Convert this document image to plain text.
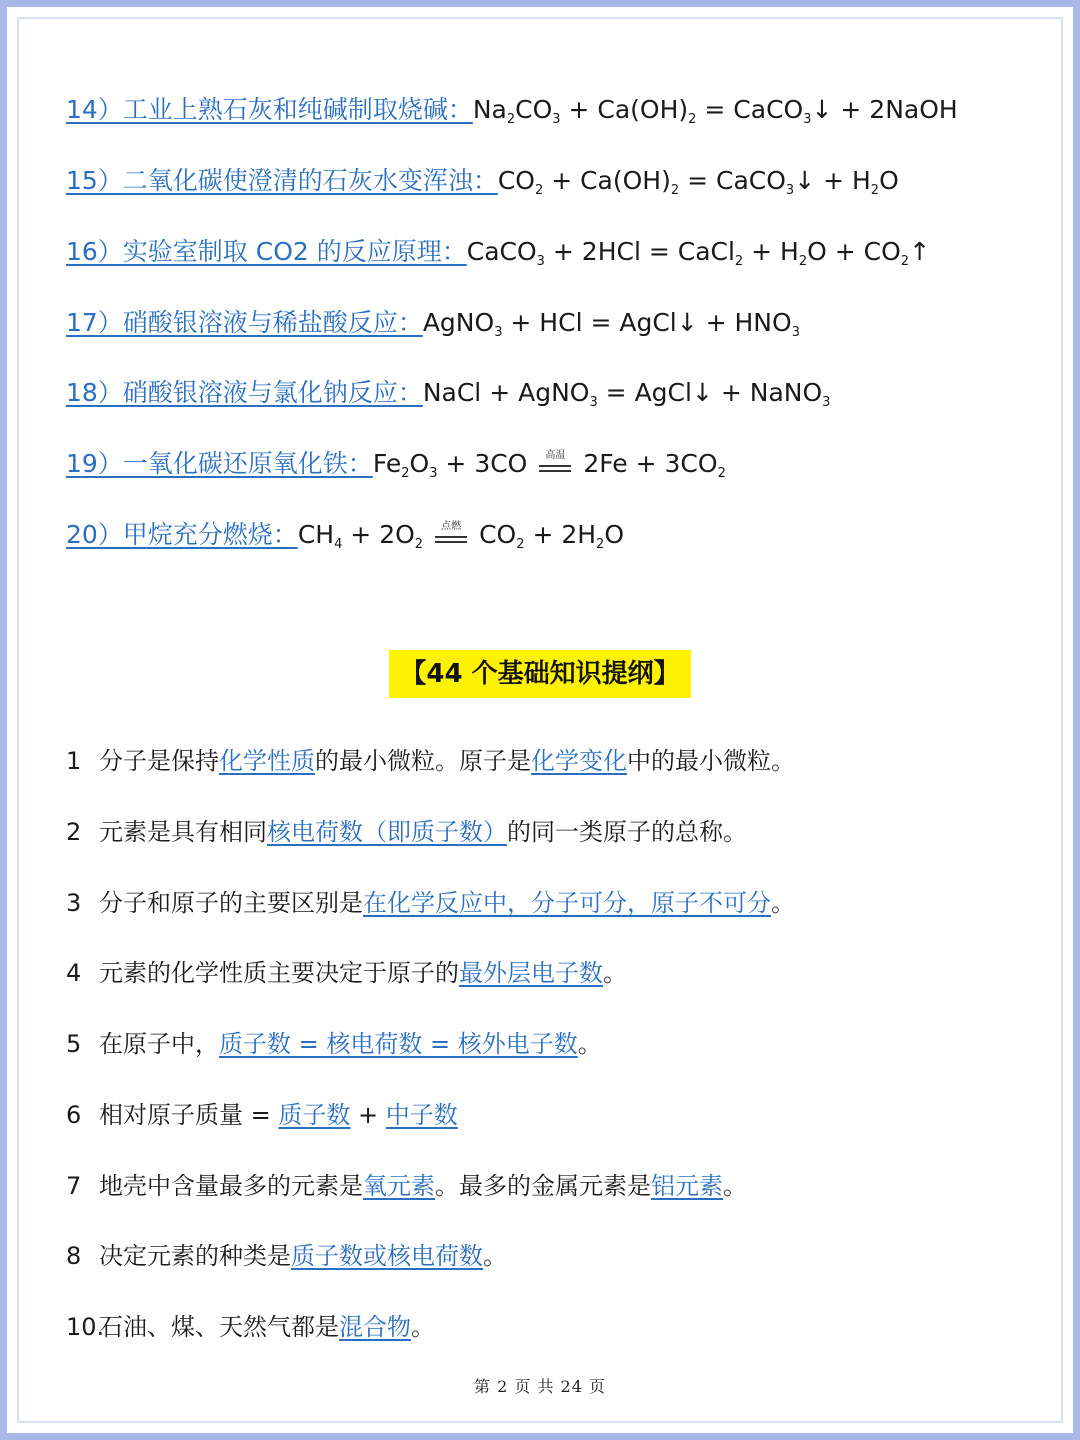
14）工业上熟石灰和纯碱制取烧碱：$Na_2CO_3 + Ca(OH)_2$ = CaCO$_3$↓ + 2NaOH
15）二氧化碳使澄清的石灰水变浑浊：$CO_2 + Ca(OH)_2$ = CaCO$_3$↓ + $H_2O$
16）实验室制取 CO2 的反应原理：CaCO$_3$ + 2HCl = CaCl$_2$ + $H_2O$ + $CO_2↑$
17）硝酸银溶液与稀盐酸反应：AgNO$_3$ + HCl = AgCl↓ + $HNO_3$
18）硝酸银溶液与氯化钠反应：NaCl + AgNO$_3$ = AgCl↓ + NaNO$_3$
19）一氧化碳还原氧化铁：$Fe_2O_3 + 3CO$	高温 $2Fe + 3CO_2$
20）甲烷充分燃烧：$CH_4 + 2O_2$
点燃 $CO_2 + 2H_2O$
【44 个基础知识提纲】
1 分子是保持化学性质的最小微粒。原子是化学变化中的最小微粒。
2 元素是具有相同核电荷数（即质子数）的同一类原子的总称。
3 分子和原子的主要区别是在化学反应中，分子可分，原子不可分。
4 元素的化学性质主要决定于原子的最外层电子数。
5 在原子中，质子数 = 核电荷数 = 核外电子数。
6 相对原子质量 = 质子数 + 中子数
7 地壳中含量最多的元素是氧元素。最多的金属元素是铝元素。
8 决定元素的种类是质子数或核电荷数。
10.石油、煤、天然气都是混合物。
第 2 页 共 24 页
